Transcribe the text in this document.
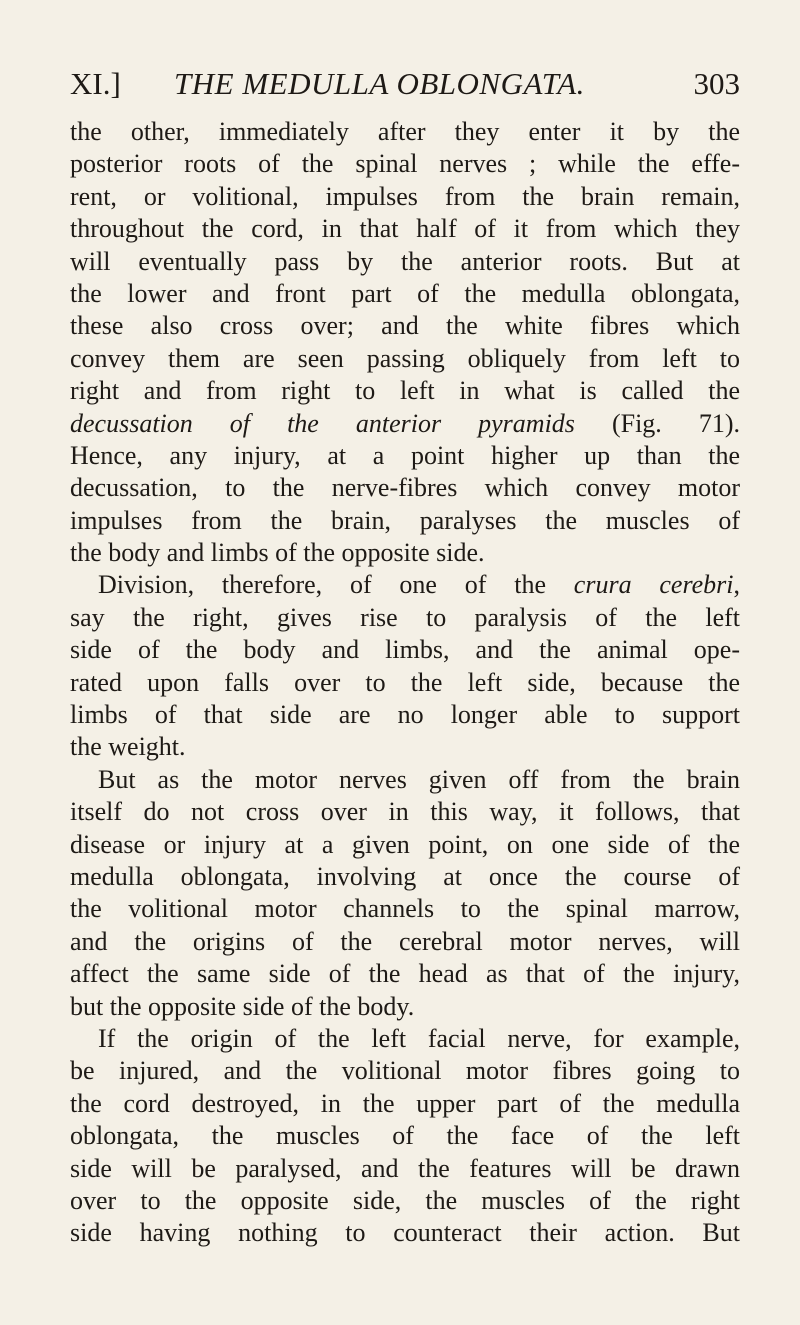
XI.] THE MEDULLA OBLONGATA.	303
the other, immediately after they enter it by the
posterior roots of the spinal nerves ; while the effe-
rent, or volitional, impulses from the brain remain,
throughout the cord, in that half of it from which they
will eventually pass by the anterior roots. But at
the lower and front part of the medulla oblongata,
these also cross over; and the white fibres which
convey them are seen passing obliquely from left to
right and from right to left in what is called the
decussation of the anterior pyramids (Fig. 71).
Hence, any injury, at a point higher up than the
decussation, to the nerve-fibres which convey motor
impulses from the brain, paralyses the muscles of
the body and limbs of the opposite side.
Division, therefore, of one of the crura cerebri,
say the right, gives rise to paralysis of the left
side of the body and limbs, and the animal ope-
rated upon falls over to the left side, because the
limbs of that side are no longer able to support
the weight.
But as the motor nerves given off from the brain
itself do not cross over in this way, it follows, that
disease or injury at a given point, on one side of the
medulla oblongata, involving at once the course of
the volitional motor channels to the spinal marrow,
and the origins of the cerebral motor nerves, will
affect the same side of the head as that of the injury,
but the opposite side of the body.
If the origin of the left facial nerve, for example,
be injured, and the volitional motor fibres going to
the cord destroyed, in the upper part of the medulla
oblongata, the muscles of the face of the left
side will be paralysed, and the features will be drawn
over to the opposite side, the muscles of the right
side having nothing to counteract their action. But
